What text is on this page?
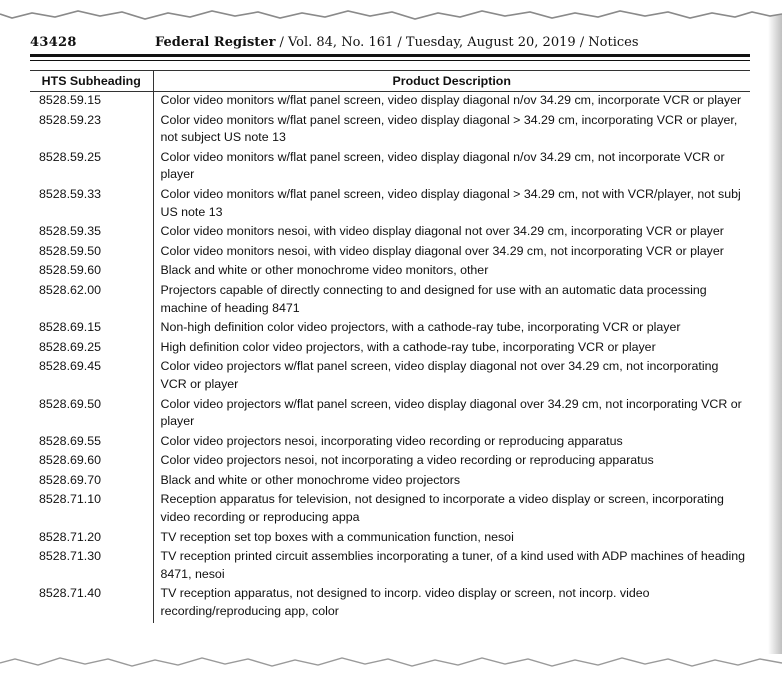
43428	Federal Register / Vol. 84, No. 161 / Tuesday, August 20, 2019 / Notices
HTS Subheading	Product Description
8528.59.15	Color video monitors w/flat panel screen, video display diagonal n/ov 34.29 cm, incorporate VCR or player
8528.59.23	Color video monitors w/flat panel screen, video display diagonal > 34.29 cm, incorporating VCR or player, not subject US note 13
8528.59.25	Color video monitors w/flat panel screen, video display diagonal n/ov 34.29 cm, not incorporate VCR or player
8528.59.33	Color video monitors w/flat panel screen, video display diagonal > 34.29 cm, not with VCR/player, not subj US note 13
8528.59.35	Color video monitors nesoi, with video display diagonal not over 34.29 cm, incorporating VCR or player
8528.59.50	Color video monitors nesoi, with video display diagonal over 34.29 cm, not incorporating VCR or player
8528.59.60	Black and white or other monochrome video monitors, other
8528.62.00	Projectors capable of directly connecting to and designed for use with an automatic data processing machine of heading 8471
8528.69.15	Non-high definition color video projectors, with a cathode-ray tube, incorporating VCR or player
8528.69.25	High definition color video projectors, with a cathode-ray tube, incorporating VCR or player
8528.69.45	Color video projectors w/flat panel screen, video display diagonal not over 34.29 cm, not incorporating VCR or player
8528.69.50	Color video projectors w/flat panel screen, video display diagonal over 34.29 cm, not incorporating VCR or player
8528.69.55	Color video projectors nesoi, incorporating video recording or reproducing apparatus
8528.69.60	Color video projectors nesoi, not incorporating a video recording or reproducing apparatus
8528.69.70	Black and white or other monochrome video projectors
8528.71.10	Reception apparatus for television, not designed to incorporate a video display or screen, incorporating video recording or reproducing appa
8528.71.20	TV reception set top boxes with a communication function, nesoi
8528.71.30	TV reception printed circuit assemblies incorporating a tuner, of a kind used with ADP machines of heading 8471, nesoi
8528.71.40	TV reception apparatus, not designed to incorp. video display or screen, not incorp. video recording/reproducing app, color
